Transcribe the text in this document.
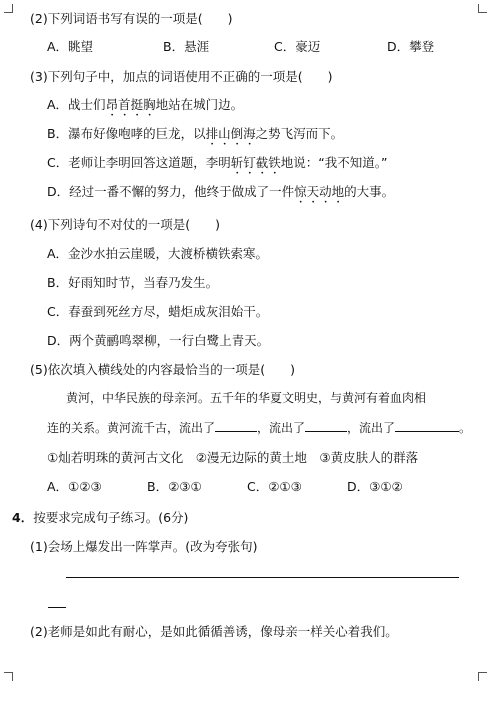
(2)下列词语书写有误的一项是(　　)
A．眺望	B．悬涯	C．豪迈	D．攀登
(3)下列句子中，加点的词语使用不正确的一项是(　　)
A．战士们昂首挺胸地站在城门边。
B．瀑布好像咆哮的巨龙，以排山倒海之势飞泻而下。
C．老师让李明回答这道题，李明斩钉截铁地说：“我不知道。”
D．经过一番不懈的努力，他终于做成了一件惊天动地的大事。
(4)下列诗句不对仗的一项是(　　)
A．金沙水拍云崖暖，大渡桥横铁索寒。
B．好雨知时节，当春乃发生。
C．春蚕到死丝方尽，蜡炬成灰泪始干。
D．两个黄鹂鸣翠柳，一行白鹭上青天。
(5)依次填入横线处的内容最恰当的一项是(　　)
黄河，中华民族的母亲河。五千年的华夏文明史，与黄河有着血肉相
连的关系。黄河流千古，流出了	，流出了	，流出了	。
①灿若明珠的黄河古文化　②漫无边际的黄土地　③黄皮肤人的群落
A．①②③	B．②③①	C．②①③	D．③①②
4．按要求完成句子练习。(6分)
(1)会场上爆发出一阵掌声。(改为夸张句)
(2)老师是如此有耐心，是如此循循善诱，像母亲一样关心着我们。
